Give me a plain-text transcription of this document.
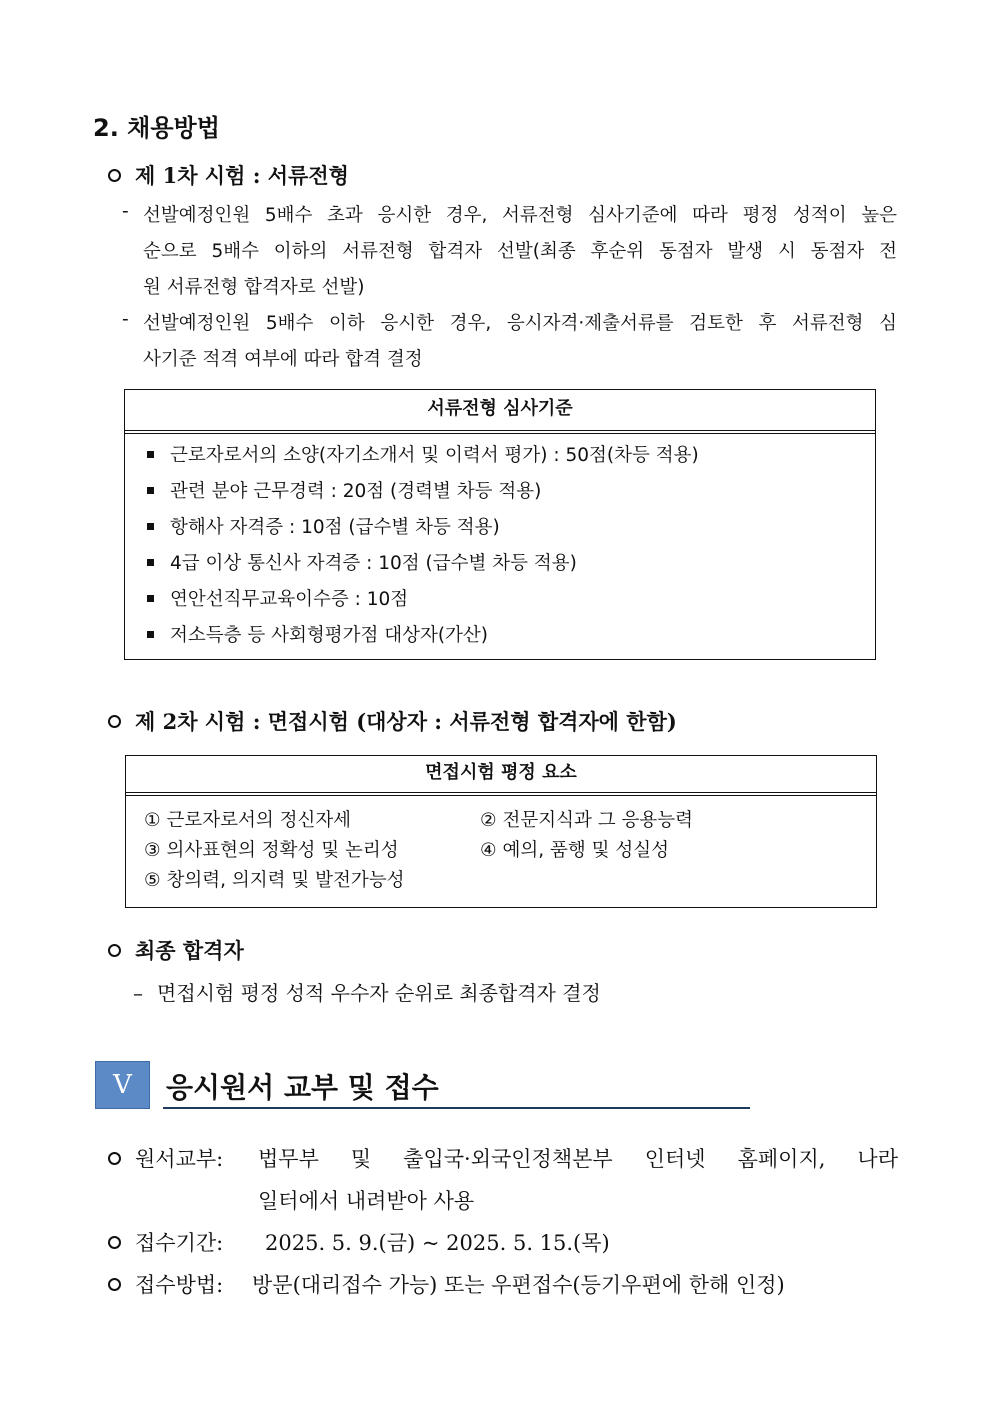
2. 채용방법
제 1차 시험 : 서류전형
- 선발예정인원 5배수 초과 응시한 경우, 서류전형 심사기준에 따라 평정 성적이 높은
순으로 5배수 이하의 서류전형 합격자 선발(최종 후순위 동점자 발생 시 동점자 전
원 서류전형 합격자로 선발)
- 선발예정인원 5배수 이하 응시한 경우, 응시자격·제출서류를 검토한 후 서류전형 심
사기준 적격 여부에 따라 합격 결정
서류전형 심사기준
근로자로서의 소양(자기소개서 및 이력서 평가) : 50점(차등 적용)
관련 분야 근무경력 : 20점 (경력별 차등 적용)
항해사 자격증 : 10점 (급수별 차등 적용)
4급 이상 통신사 자격증 : 10점 (급수별 차등 적용)
연안선직무교육이수증 : 10점
저소득층 등 사회형평가점 대상자(가산)
제 2차 시험 : 면접시험 (대상자 : 서류전형 합격자에 한함)
면접시험 평정 요소
① 근로자로서의 정신자세	② 전문지식과 그 응용능력
③ 의사표현의 정확성 및 논리성	④ 예의, 품행 및 성실성
⑤ 창의력, 의지력 및 발전가능성
최종 합격자
– 면접시험 평정 성적 우수자 순위로 최종합격자 결정
V	응시원서 교부 및 접수
원서교부: 법무부 및 출입국·외국인정책본부 인터넷 홈페이지, 나라
일터에서 내려받아 사용
접수기간: 2025. 5. 9.(금) ~ 2025. 5. 15.(목)
접수방법: 방문(대리접수 가능) 또는 우편접수(등기우편에 한해 인정)
